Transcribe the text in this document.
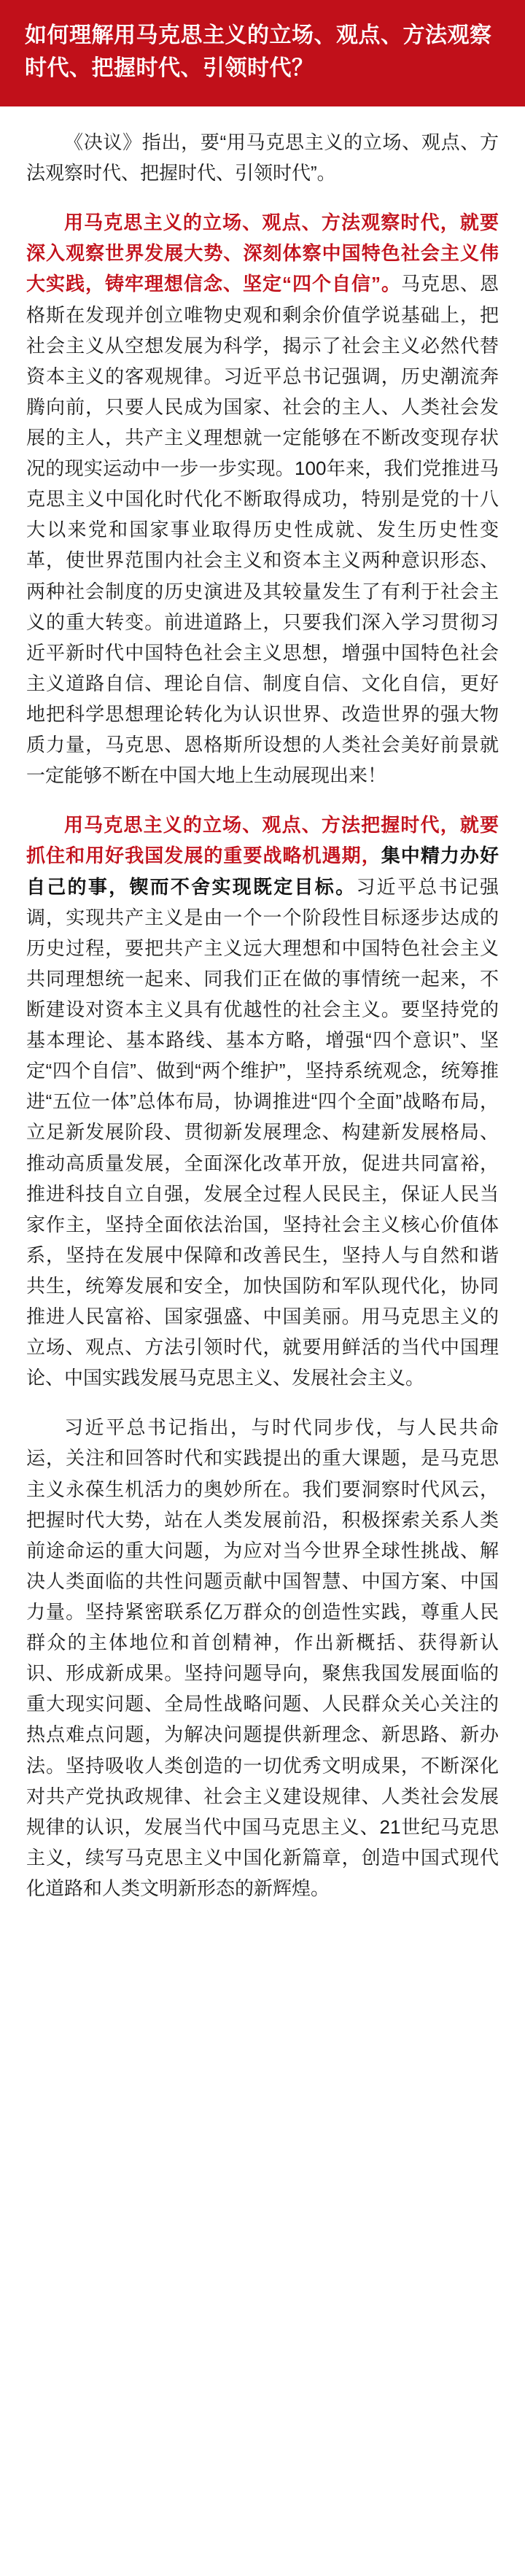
如何理解用马克思主义的立场、观点、方法观察时代、把握时代、引领时代？

《决议》指出，要“用马克思主义的立场、观点、方法观察时代、把握时代、引领时代”。

用马克思主义的立场、观点、方法观察时代，就要深入观察世界发展大势、深刻体察中国特色社会主义伟大实践，铸牢理想信念、坚定“四个自信”。马克思、恩格斯在发现并创立唯物史观和剩余价值学说基础上，把社会主义从空想发展为科学，揭示了社会主义必然代替资本主义的客观规律。习近平总书记强调，历史潮流奔腾向前，只要人民成为国家、社会的主人、人类社会发展的主人，共产主义理想就一定能够在不断改变现存状况的现实运动中一步一步实现。100年来，我们党推进马克思主义中国化时代化不断取得成功，特别是党的十八大以来党和国家事业取得历史性成就、发生历史性变革，使世界范围内社会主义和资本主义两种意识形态、两种社会制度的历史演进及其较量发生了有利于社会主义的重大转变。前进道路上，只要我们深入学习贯彻习近平新时代中国特色社会主义思想，增强中国特色社会主义道路自信、理论自信、制度自信、文化自信，更好地把科学思想理论转化为认识世界、改造世界的强大物质力量，马克思、恩格斯所设想的人类社会美好前景就一定能够不断在中国大地上生动展现出来！

用马克思主义的立场、观点、方法把握时代，就要抓住和用好我国发展的重要战略机遇期，集中精力办好自己的事，锲而不舍实现既定目标。习近平总书记强调，实现共产主义是由一个一个阶段性目标逐步达成的历史过程，要把共产主义远大理想和中国特色社会主义共同理想统一起来、同我们正在做的事情统一起来，不断建设对资本主义具有优越性的社会主义。要坚持党的基本理论、基本路线、基本方略，增强“四个意识”、坚定“四个自信”、做到“两个维护”，坚持系统观念，统筹推进“五位一体”总体布局，协调推进“四个全面”战略布局，立足新发展阶段、贯彻新发展理念、构建新发展格局、推动高质量发展，全面深化改革开放，促进共同富裕，推进科技自立自强，发展全过程人民民主，保证人民当家作主，坚持全面依法治国，坚持社会主义核心价值体系，坚持在发展中保障和改善民生，坚持人与自然和谐共生，统筹发展和安全，加快国防和军队现代化，协同推进人民富裕、国家强盛、中国美丽。用马克思主义的立场、观点、方法引领时代，就要用鲜活的当代中国理论、中国实践发展马克思主义、发展社会主义。

习近平总书记指出，与时代同步伐，与人民共命运，关注和回答时代和实践提出的重大课题，是马克思主义永葆生机活力的奥妙所在。我们要洞察时代风云，把握时代大势，站在人类发展前沿，积极探索关系人类前途命运的重大问题，为应对当今世界全球性挑战、解决人类面临的共性问题贡献中国智慧、中国方案、中国力量。坚持紧密联系亿万群众的创造性实践，尊重人民群众的主体地位和首创精神，作出新概括、获得新认识、形成新成果。坚持问题导向，聚焦我国发展面临的重大现实问题、全局性战略问题、人民群众关心关注的热点难点问题，为解决问题提供新理念、新思路、新办法。坚持吸收人类创造的一切优秀文明成果，不断深化对共产党执政规律、社会主义建设规律、人类社会发展规律的认识，发展当代中国马克思主义、21世纪马克思主义，续写马克思主义中国化新篇章，创造中国式现代化道路和人类文明新形态的新辉煌。
